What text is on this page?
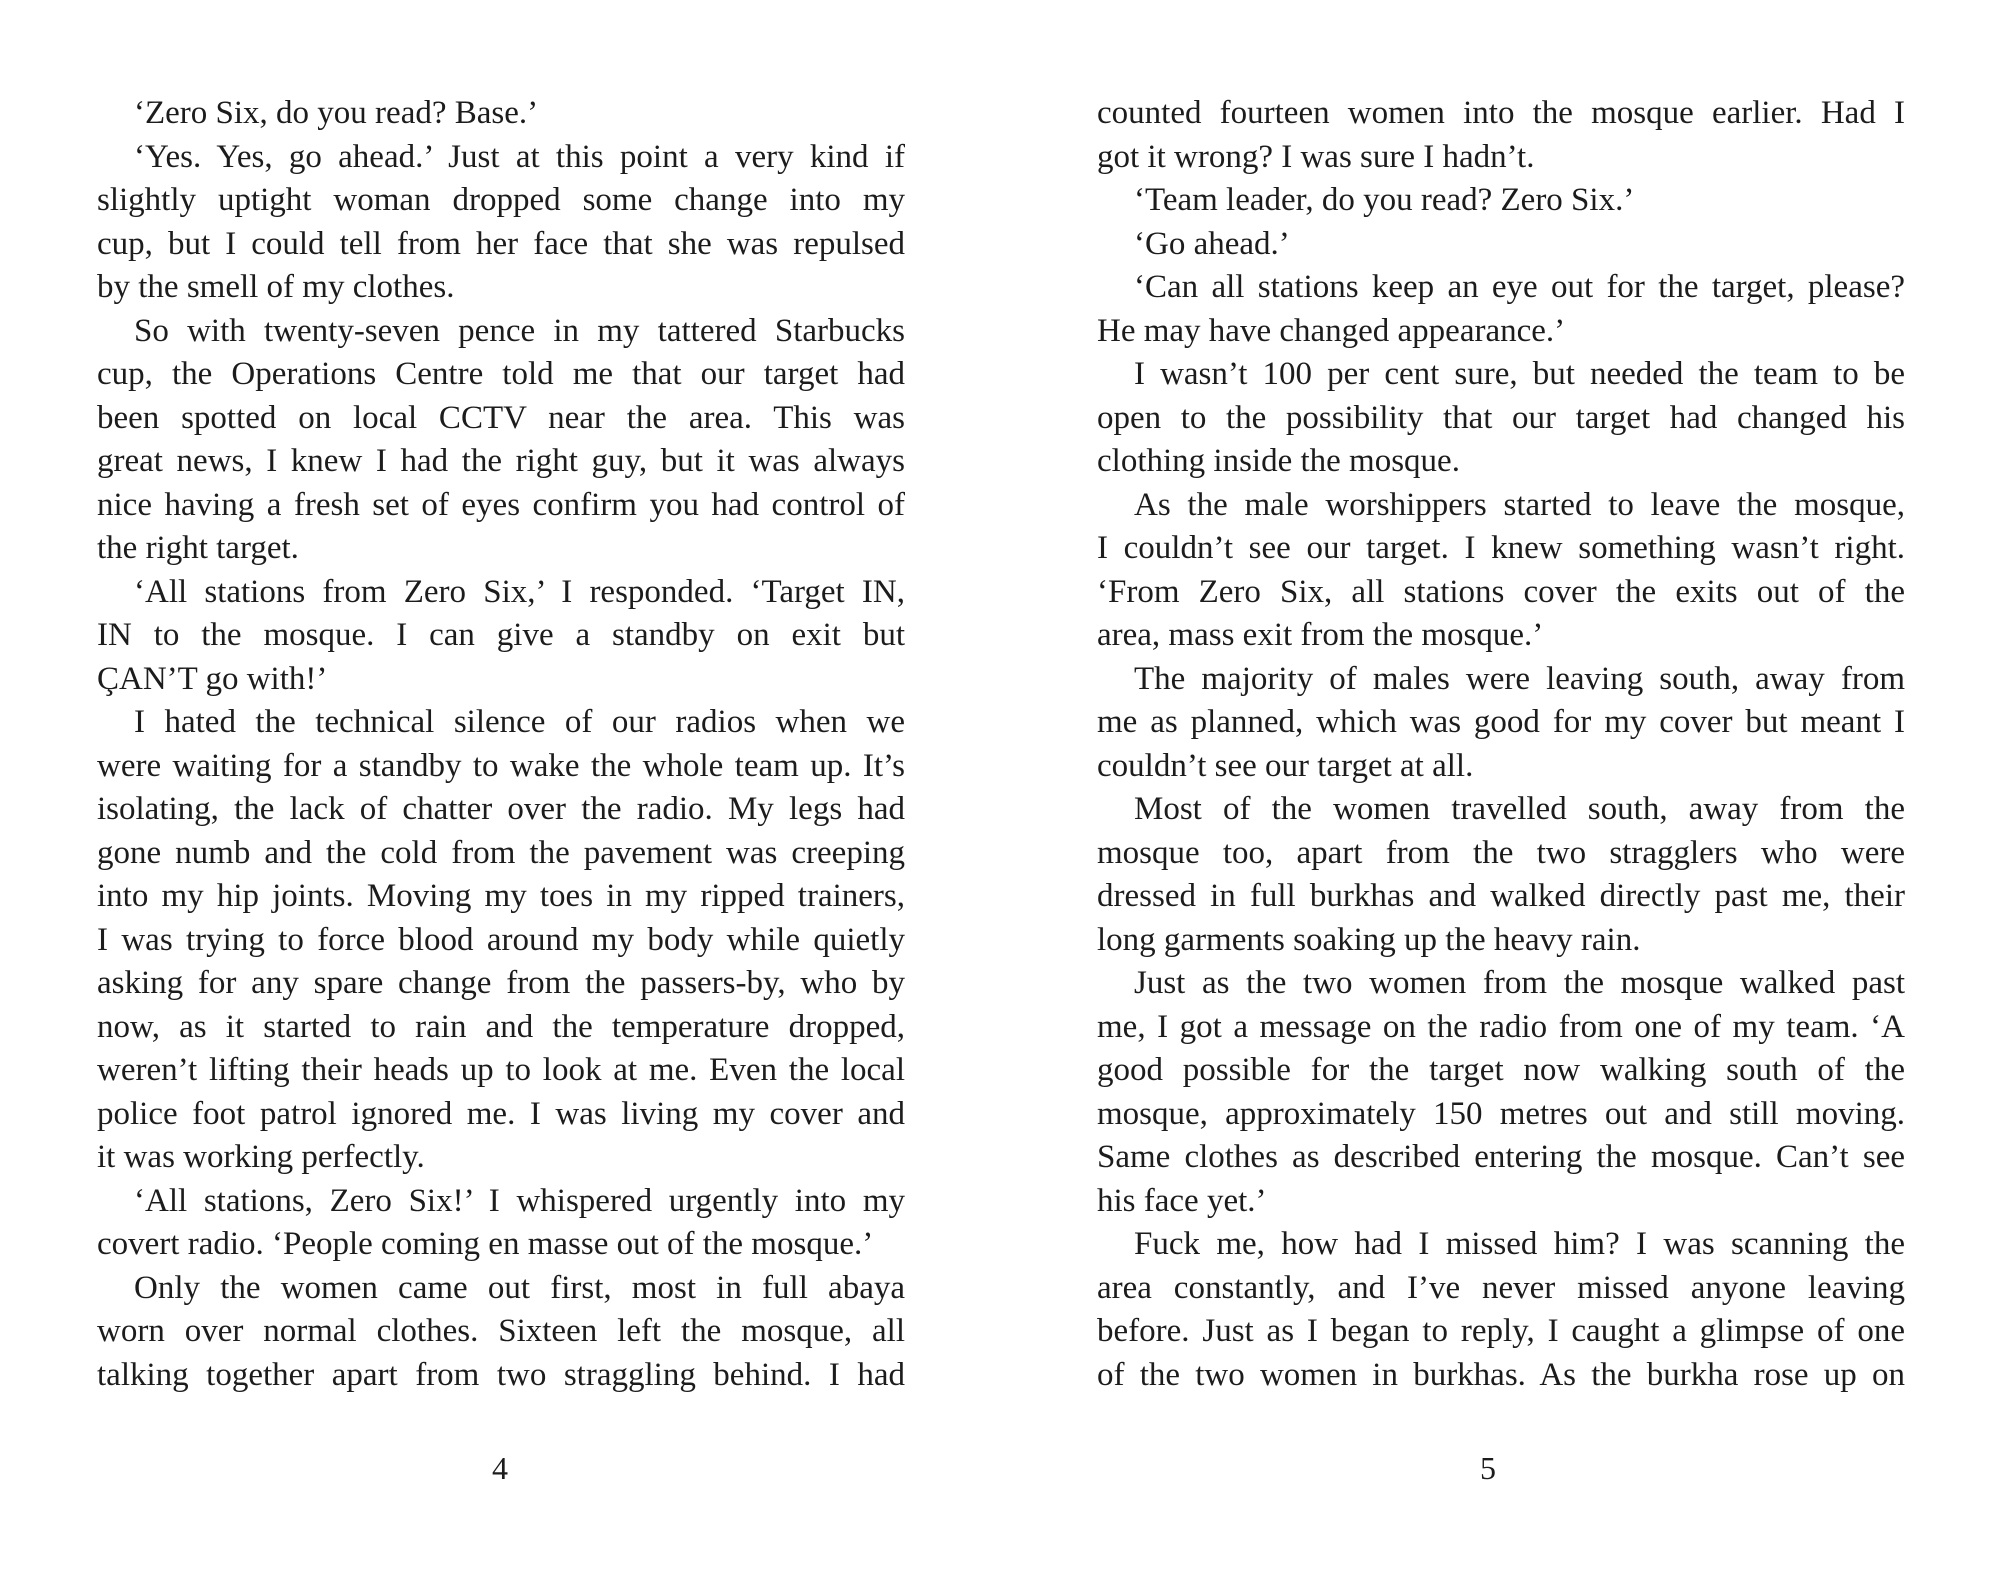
‘Zero Six, do you read? Base.’
‘Yes. Yes, go ahead.’ Just at this point a very kind if
slightly uptight woman dropped some change into my
cup, but I could tell from her face that she was repulsed
by the smell of my clothes.
So with twenty-seven pence in my tattered Starbucks
cup, the Operations Centre told me that our target had
been spotted on local CCTV near the area. This was
great news, I knew I had the right guy, but it was always
nice having a fresh set of eyes confirm you had control of
the right target.
‘All stations from Zero Six,’ I responded. ‘Target IN,
IN to the mosque. I can give a standby on exit but
ÇAN’T go with!’
I hated the technical silence of our radios when we
were waiting for a standby to wake the whole team up. It’s
isolating, the lack of chatter over the radio. My legs had
gone numb and the cold from the pavement was creeping
into my hip joints. Moving my toes in my ripped trainers,
I was trying to force blood around my body while quietly
asking for any spare change from the passers-by, who by
now, as it started to rain and the temperature dropped,
weren’t lifting their heads up to look at me. Even the local
police foot patrol ignored me. I was living my cover and
it was working perfectly.
‘All stations, Zero Six!’ I whispered urgently into my
covert radio. ‘People coming en masse out of the mosque.’
Only the women came out first, most in full abaya
worn over normal clothes. Sixteen left the mosque, all
talking together apart from two straggling behind. I had
4
counted fourteen women into the mosque earlier. Had I
got it wrong? I was sure I hadn’t.
‘Team leader, do you read? Zero Six.’
‘Go ahead.’
‘Can all stations keep an eye out for the target, please?
He may have changed appearance.’
I wasn’t 100 per cent sure, but needed the team to be
open to the possibility that our target had changed his
clothing inside the mosque.
As the male worshippers started to leave the mosque,
I couldn’t see our target. I knew something wasn’t right.
‘From Zero Six, all stations cover the exits out of the
area, mass exit from the mosque.’
The majority of males were leaving south, away from
me as planned, which was good for my cover but meant I
couldn’t see our target at all.
Most of the women travelled south, away from the
mosque too, apart from the two stragglers who were
dressed in full burkhas and walked directly past me, their
long garments soaking up the heavy rain.
Just as the two women from the mosque walked past
me, I got a message on the radio from one of my team. ‘A
good possible for the target now walking south of the
mosque, approximately 150 metres out and still moving.
Same clothes as described entering the mosque. Can’t see
his face yet.’
Fuck me, how had I missed him? I was scanning the
area constantly, and I’ve never missed anyone leaving
before. Just as I began to reply, I caught a glimpse of one
of the two women in burkhas. As the burkha rose up on
5
